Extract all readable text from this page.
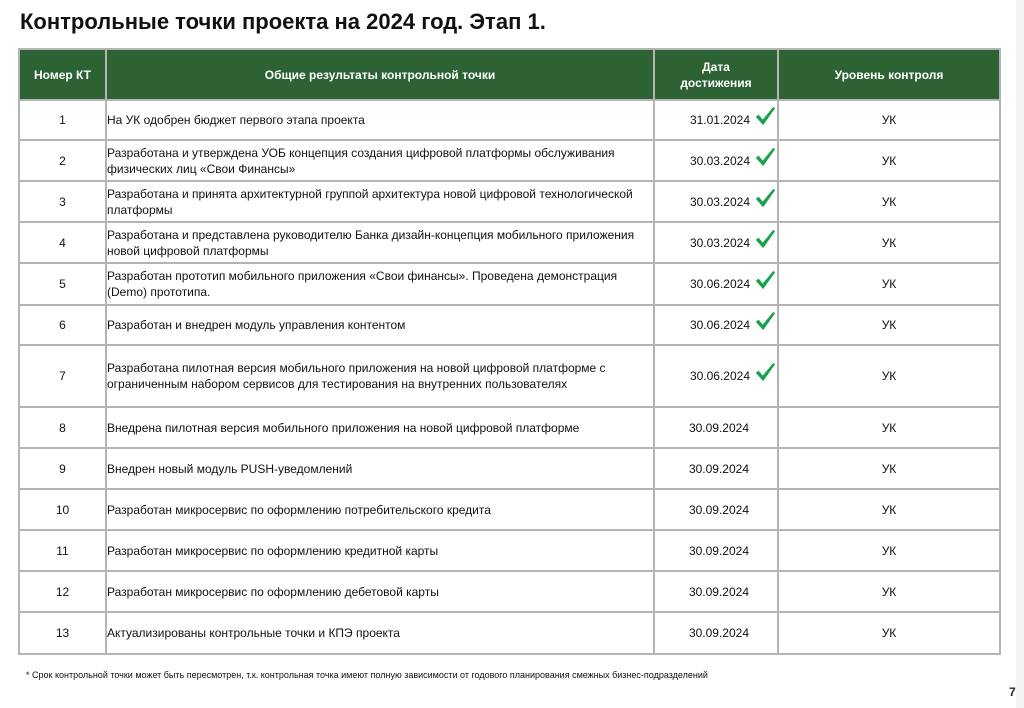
Контрольные точки проекта на 2024 год. Этап 1.
Номер КТ	Общие результаты контрольной точки	Дата достижения	Уровень контроля
1	На УК одобрен бюджет первого этапа проекта	31.01.2024	УК
2	Разработана и утверждена УОБ концепция создания цифровой платформы обслуживания физических лиц «Свои Финансы»	30.03.2024	УК
3	Разработана и принята архитектурной группой архитектура новой цифровой технологической платформы	30.03.2024	УК
4	Разработана и представлена руководителю Банка дизайн-концепция мобильного приложения новой цифровой платформы	30.03.2024	УК
5	Разработан прототип мобильного приложения «Свои финансы». Проведена демонстрация (Demo) прототипа.	30.06.2024	УК
6	Разработан и внедрен модуль управления контентом	30.06.2024	УК
7	Разработана пилотная версия мобильного приложения на новой цифровой платформе с ограниченным набором сервисов для тестирования на внутренних пользователях	30.06.2024	УК
8	Внедрена пилотная версия мобильного приложения на новой цифровой платформе	30.09.2024	УК
9	Внедрен новый модуль PUSH-уведомлений	30.09.2024	УК
10	Разработан микросервис по оформлению потребительского кредита	30.09.2024	УК
11	Разработан микросервис по оформлению кредитной карты	30.09.2024	УК
12	Разработан микросервис по оформлению дебетовой карты	30.09.2024	УК
13	Актуализированы контрольные точки и КПЭ проекта	30.09.2024	УК
* Срок контрольной точки может быть пересмотрен, т.к. контрольная точка имеют полную зависимости от годового планирования смежных бизнес-подразделений
7
